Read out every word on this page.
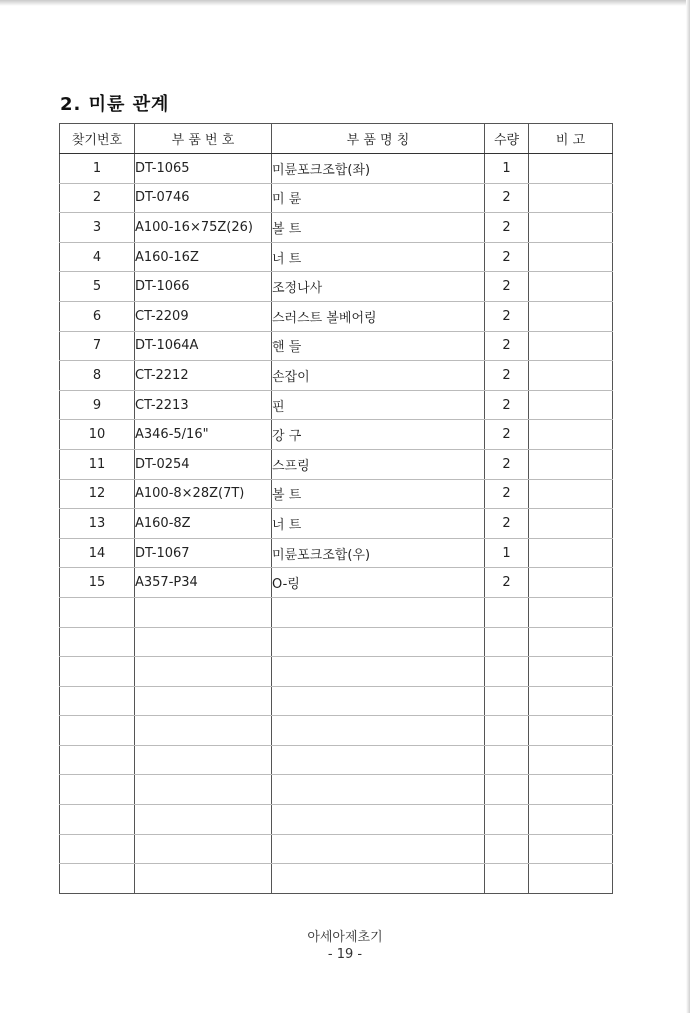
2. 미륜 관계
찾기번호	부 품 번 호	부 품 명 칭	수량	비 고
1	DT-1065	미륜포크조합(좌)	1	
2	DT-0746	미 륜	2	
3	A100-16×75Z(26)	볼 트	2	
4	A160-16Z	너 트	2	
5	DT-1066	조정나사	2	
6	CT-2209	스러스트 볼베어링	2	
7	DT-1064A	핸 들	2	
8	CT-2212	손잡이	2	
9	CT-2213	핀	2	
10	A346-5/16"	강 구	2	
11	DT-0254	스프링	2	
12	A100-8×28Z(7T)	볼 트	2	
13	A160-8Z	너 트	2	
14	DT-1067	미륜포크조합(우)	1	
15	A357-P34	O-링	2	

아세아제초기
- 19 -
